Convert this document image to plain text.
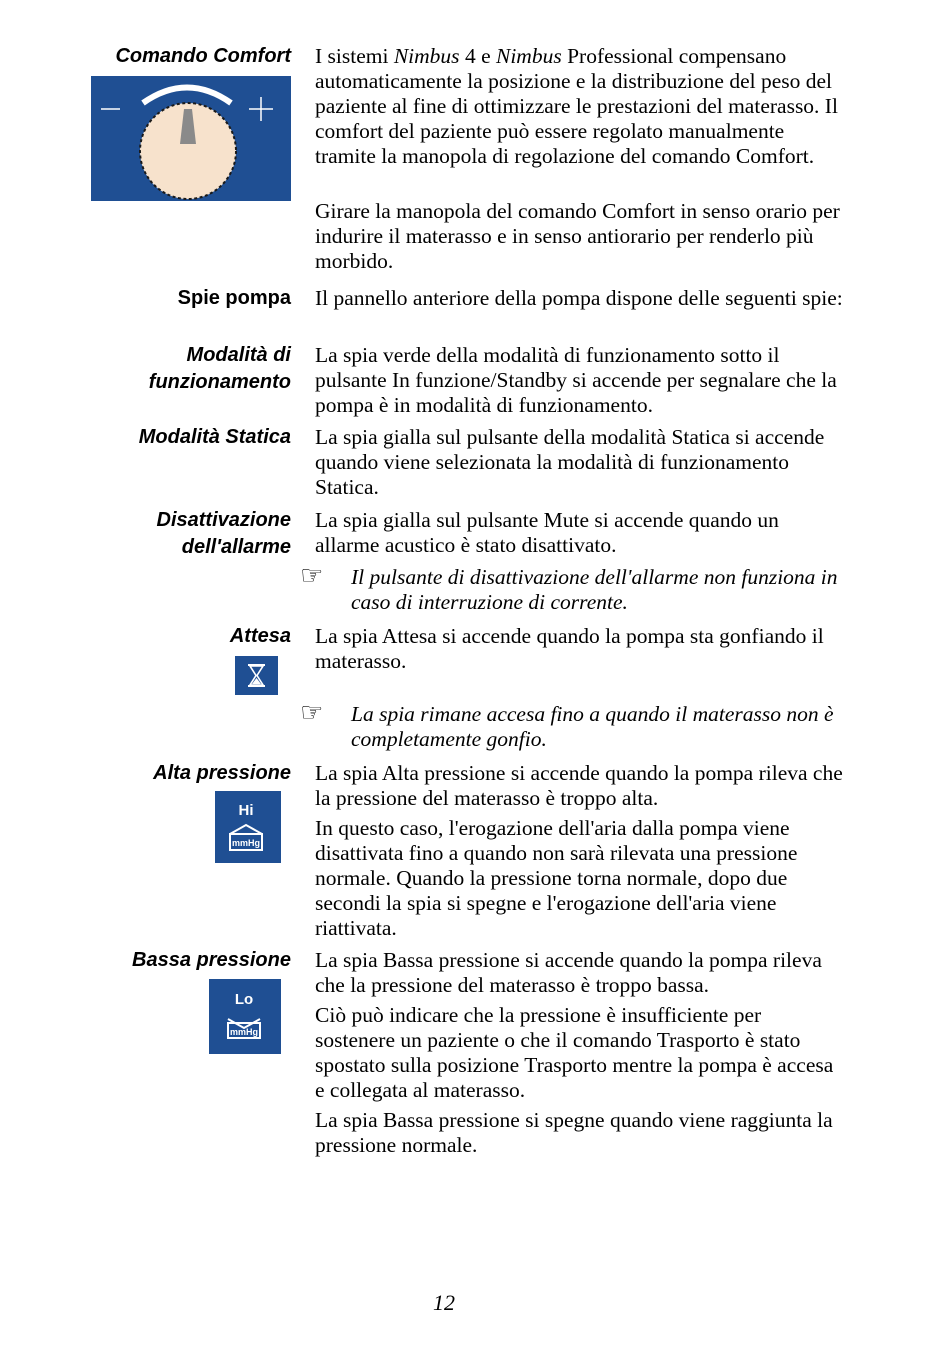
Comando Comfort I sistemi Nimbus 4 e Nimbus Professional compensano automaticamente la posizione e la distribuzione del peso del paziente al fine di ottimizzare le prestazioni del materasso. Il comfort del paziente può essere regolato manualmente tramite la manopola di regolazione del comando Comfort.
Girare la manopola del comando Comfort in senso orario per indurire il materasso e in senso antiorario per renderlo più morbido.
Spie pompa Il pannello anteriore della pompa dispone delle seguenti spie:
Modalità di
funzionamento
La spia verde della modalità di funzionamento sotto il pulsante In funzione/Standby si accende per segnalare che la pompa è in modalità di funzionamento.
Modalità Statica La spia gialla sul pulsante della modalità Statica si accende quando viene selezionata la modalità di funzionamento Statica.
Disattivazione
dell'allarme
La spia gialla sul pulsante Mute si accende quando un allarme acustico è stato disattivato.
☞ Il pulsante di disattivazione dell'allarme non funziona in caso di interruzione di corrente.
Attesa La spia Attesa si accende quando la pompa sta gonfiando il materasso.
☞ La spia rimane accesa fino a quando il materasso non è completamente gonfio.
Alta pressione
Hi
mmHg
La spia Alta pressione si accende quando la pompa rileva che la pressione del materasso è troppo alta.
In questo caso, l'erogazione dell'aria dalla pompa viene disattivata fino a quando non sarà rilevata una pressione normale. Quando la pressione torna normale, dopo due secondi la spia si spegne e l'erogazione dell'aria viene riattivata.
Bassa pressione
Lo
mmHg
La spia Bassa pressione si accende quando la pompa rileva che la pressione del materasso è troppo bassa.
Ciò può indicare che la pressione è insufficiente per sostenere un paziente o che il comando Trasporto è stato spostato sulla posizione Trasporto mentre la pompa è accesa e collegata al materasso.
La spia Bassa pressione si spegne quando viene raggiunta la pressione normale.
12
